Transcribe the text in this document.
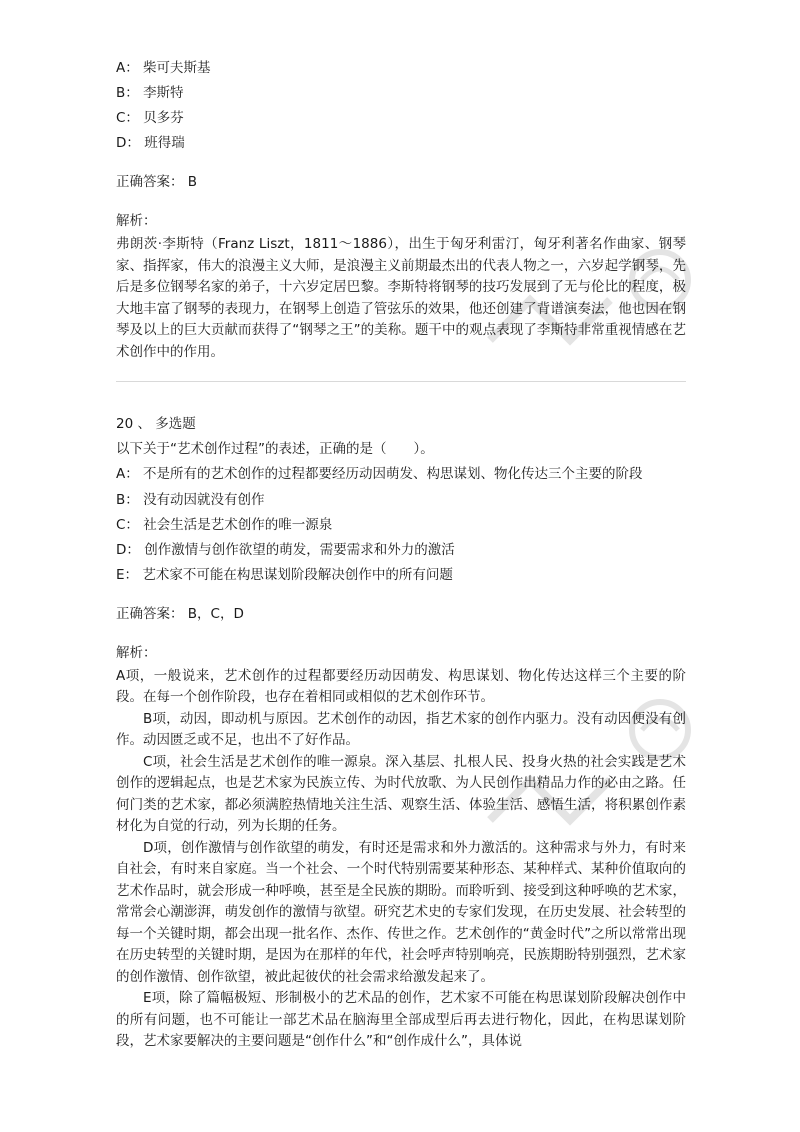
A： 柴可夫斯基
B： 李斯特
C： 贝多芬
D： 班得瑞
正确答案： B
解析：

弗朗茨·李斯特（Franz Liszt，1811～1886），出生于匈牙利雷汀，匈牙利著名作曲家、钢琴家、指挥家，伟大的浪漫主义大师，是浪漫主义前期最杰出的代表人物之一，六岁起学钢琴，先后是多位钢琴名家的弟子，十六岁定居巴黎。李斯特将钢琴的技巧发展到了无与伦比的程度，极大地丰富了钢琴的表现力，在钢琴上创造了管弦乐的效果，他还创建了背谱演奏法，他也因在钢琴及以上的巨大贡献而获得了“钢琴之王”的美称。题干中的观点表现了李斯特非常重视情感在艺术创作中的作用。

20 、 多选题
以下关于“艺术创作过程”的表述，正确的是（　　）。
A： 不是所有的艺术创作的过程都要经历动因萌发、构思谋划、物化传达三个主要的阶段
B： 没有动因就没有创作
C： 社会生活是艺术创作的唯一源泉
D： 创作激情与创作欲望的萌发，需要需求和外力的激活
E： 艺术家不可能在构思谋划阶段解决创作中的所有问题
正确答案： B，C，D
解析：

A项，一般说来，艺术创作的过程都要经历动因萌发、构思谋划、物化传达这样三个主要的阶段。在每一个创作阶段，也存在着相同或相似的艺术创作环节。

B项，动因，即动机与原因。艺术创作的动因，指艺术家的创作内驱力。没有动因便没有创作。动因匮乏或不足，也出不了好作品。

C项，社会生活是艺术创作的唯一源泉。深入基层、扎根人民、投身火热的社会实践是艺术创作的逻辑起点，也是艺术家为民族立传、为时代放歌、为人民创作出精品力作的必由之路。任何门类的艺术家，都必须满腔热情地关注生活、观察生活、体验生活、感悟生活，将积累创作素材化为自觉的行动，列为长期的任务。

D项，创作激情与创作欲望的萌发，有时还是需求和外力激活的。这种需求与外力，有时来自社会，有时来自家庭。当一个社会、一个时代特别需要某种形态、某种样式、某种价值取向的艺术作品时，就会形成一种呼唤，甚至是全民族的期盼。而聆听到、接受到这种呼唤的艺术家，常常会心潮澎湃，萌发创作的激情与欲望。研究艺术史的专家们发现，在历史发展、社会转型的每一个关键时期，都会出现一批名作、杰作、传世之作。艺术创作的“黄金时代”之所以常常出现在历史转型的关键时期，是因为在那样的年代，社会呼声特别响亮，民族期盼特别强烈，艺术家的创作激情、创作欲望，被此起彼伏的社会需求给激发起来了。

E项，除了篇幅极短、形制极小的艺术品的创作，艺术家不可能在构思谋划阶段解决创作中的所有问题，也不可能让一部艺术品在脑海里全部成型后再去进行物化，因此，在构思谋划阶段，艺术家要解决的主要问题是“创作什么”和“创作成什么”，具体说
